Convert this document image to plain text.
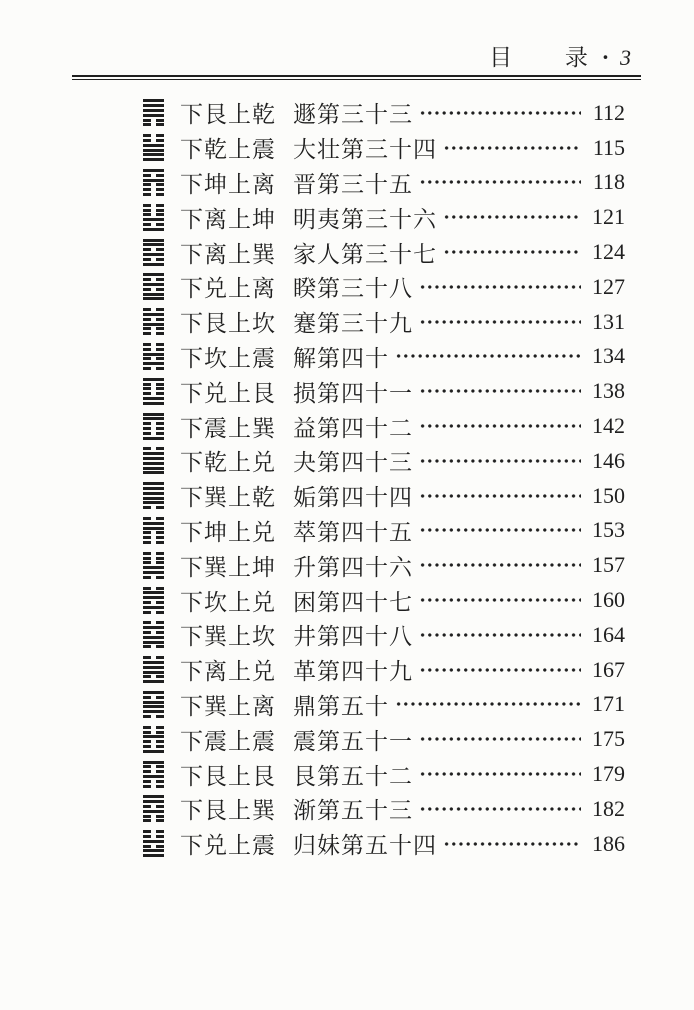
目 录 · 3
下艮上乾 遯第三十三	112
下乾上震 大壮第三十四	115
下坤上离 晋第三十五	118
下离上坤 明夷第三十六	121
下离上巽 家人第三十七	124
下兑上离 睽第三十八	127
下艮上坎 蹇第三十九	131
下坎上震 解第四十	134
下兑上艮 损第四十一	138
下震上巽 益第四十二	142
下乾上兑 夬第四十三	146
下巽上乾 姤第四十四	150
下坤上兑 萃第四十五	153
下巽上坤 升第四十六	157
下坎上兑 困第四十七	160
下巽上坎 井第四十八	164
下离上兑 革第四十九	167
下巽上离 鼎第五十	171
下震上震 震第五十一	175
下艮上艮 艮第五十二	179
下艮上巽 渐第五十三	182
下兑上震 归妹第五十四	186
